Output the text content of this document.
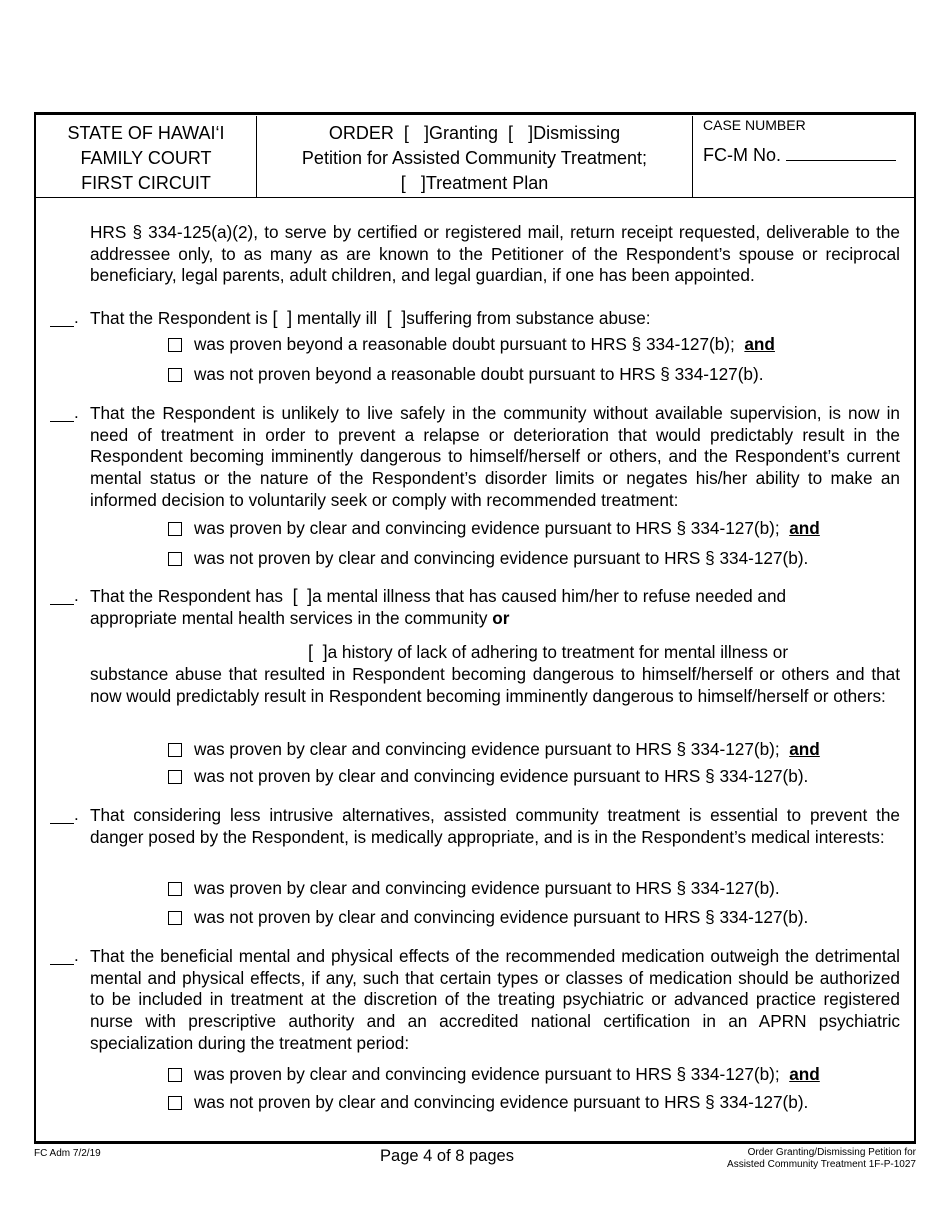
STATE OF HAWAI‘I
FAMILY COURT
FIRST CIRCUIT
ORDER [ ]Granting [ ]Dismissing
Petition for Assisted Community Treatment;
[ ]Treatment Plan
CASE NUMBER
FC-M No.
HRS § 334-125(a)(2), to serve by certified or registered mail, return receipt requested, deliverable to the addressee only, to as many as are known to the Petitioner of the Respondent’s spouse or reciprocal beneficiary, legal parents, adult children, and legal guardian, if one has been appointed.
. That the Respondent is [ ] mentally ill [ ]suffering from substance abuse:
was proven beyond a reasonable doubt pursuant to HRS § 334-127(b); and
was not proven beyond a reasonable doubt pursuant to HRS § 334-127(b).
. That the Respondent is unlikely to live safely in the community without available supervision, is now in need of treatment in order to prevent a relapse or deterioration that would predictably result in the Respondent becoming imminently dangerous to himself/herself or others, and the Respondent’s current mental status or the nature of the Respondent’s disorder limits or negates his/her ability to make an informed decision to voluntarily seek or comply with recommended treatment:
was proven by clear and convincing evidence pursuant to HRS § 334-127(b); and
was not proven by clear and convincing evidence pursuant to HRS § 334-127(b).
. That the Respondent has [ ]a mental illness that has caused him/her to refuse needed and
appropriate mental health services in the community or
[ ]a history of lack of adhering to treatment for mental illness or
substance abuse that resulted in Respondent becoming dangerous to himself/herself or others and that now would predictably result in Respondent becoming imminently dangerous to himself/herself or others:
was proven by clear and convincing evidence pursuant to HRS § 334-127(b); and
was not proven by clear and convincing evidence pursuant to HRS § 334-127(b).
. That considering less intrusive alternatives, assisted community treatment is essential to prevent the danger posed by the Respondent, is medically appropriate, and is in the Respondent’s medical interests:
was proven by clear and convincing evidence pursuant to HRS § 334-127(b).
was not proven by clear and convincing evidence pursuant to HRS § 334-127(b).
. That the beneficial mental and physical effects of the recommended medication outweigh the detrimental mental and physical effects, if any, such that certain types or classes of medication should be authorized to be included in treatment at the discretion of the treating psychiatric or advanced practice registered nurse with prescriptive authority and an accredited national certification in an APRN psychiatric specialization during the treatment period:
was proven by clear and convincing evidence pursuant to HRS § 334-127(b); and
was not proven by clear and convincing evidence pursuant to HRS § 334-127(b).
FC Adm 7/2/19	Page 4 of 8 pages	Order Granting/Dismissing Petition for
Assisted Community Treatment 1F-P-1027
